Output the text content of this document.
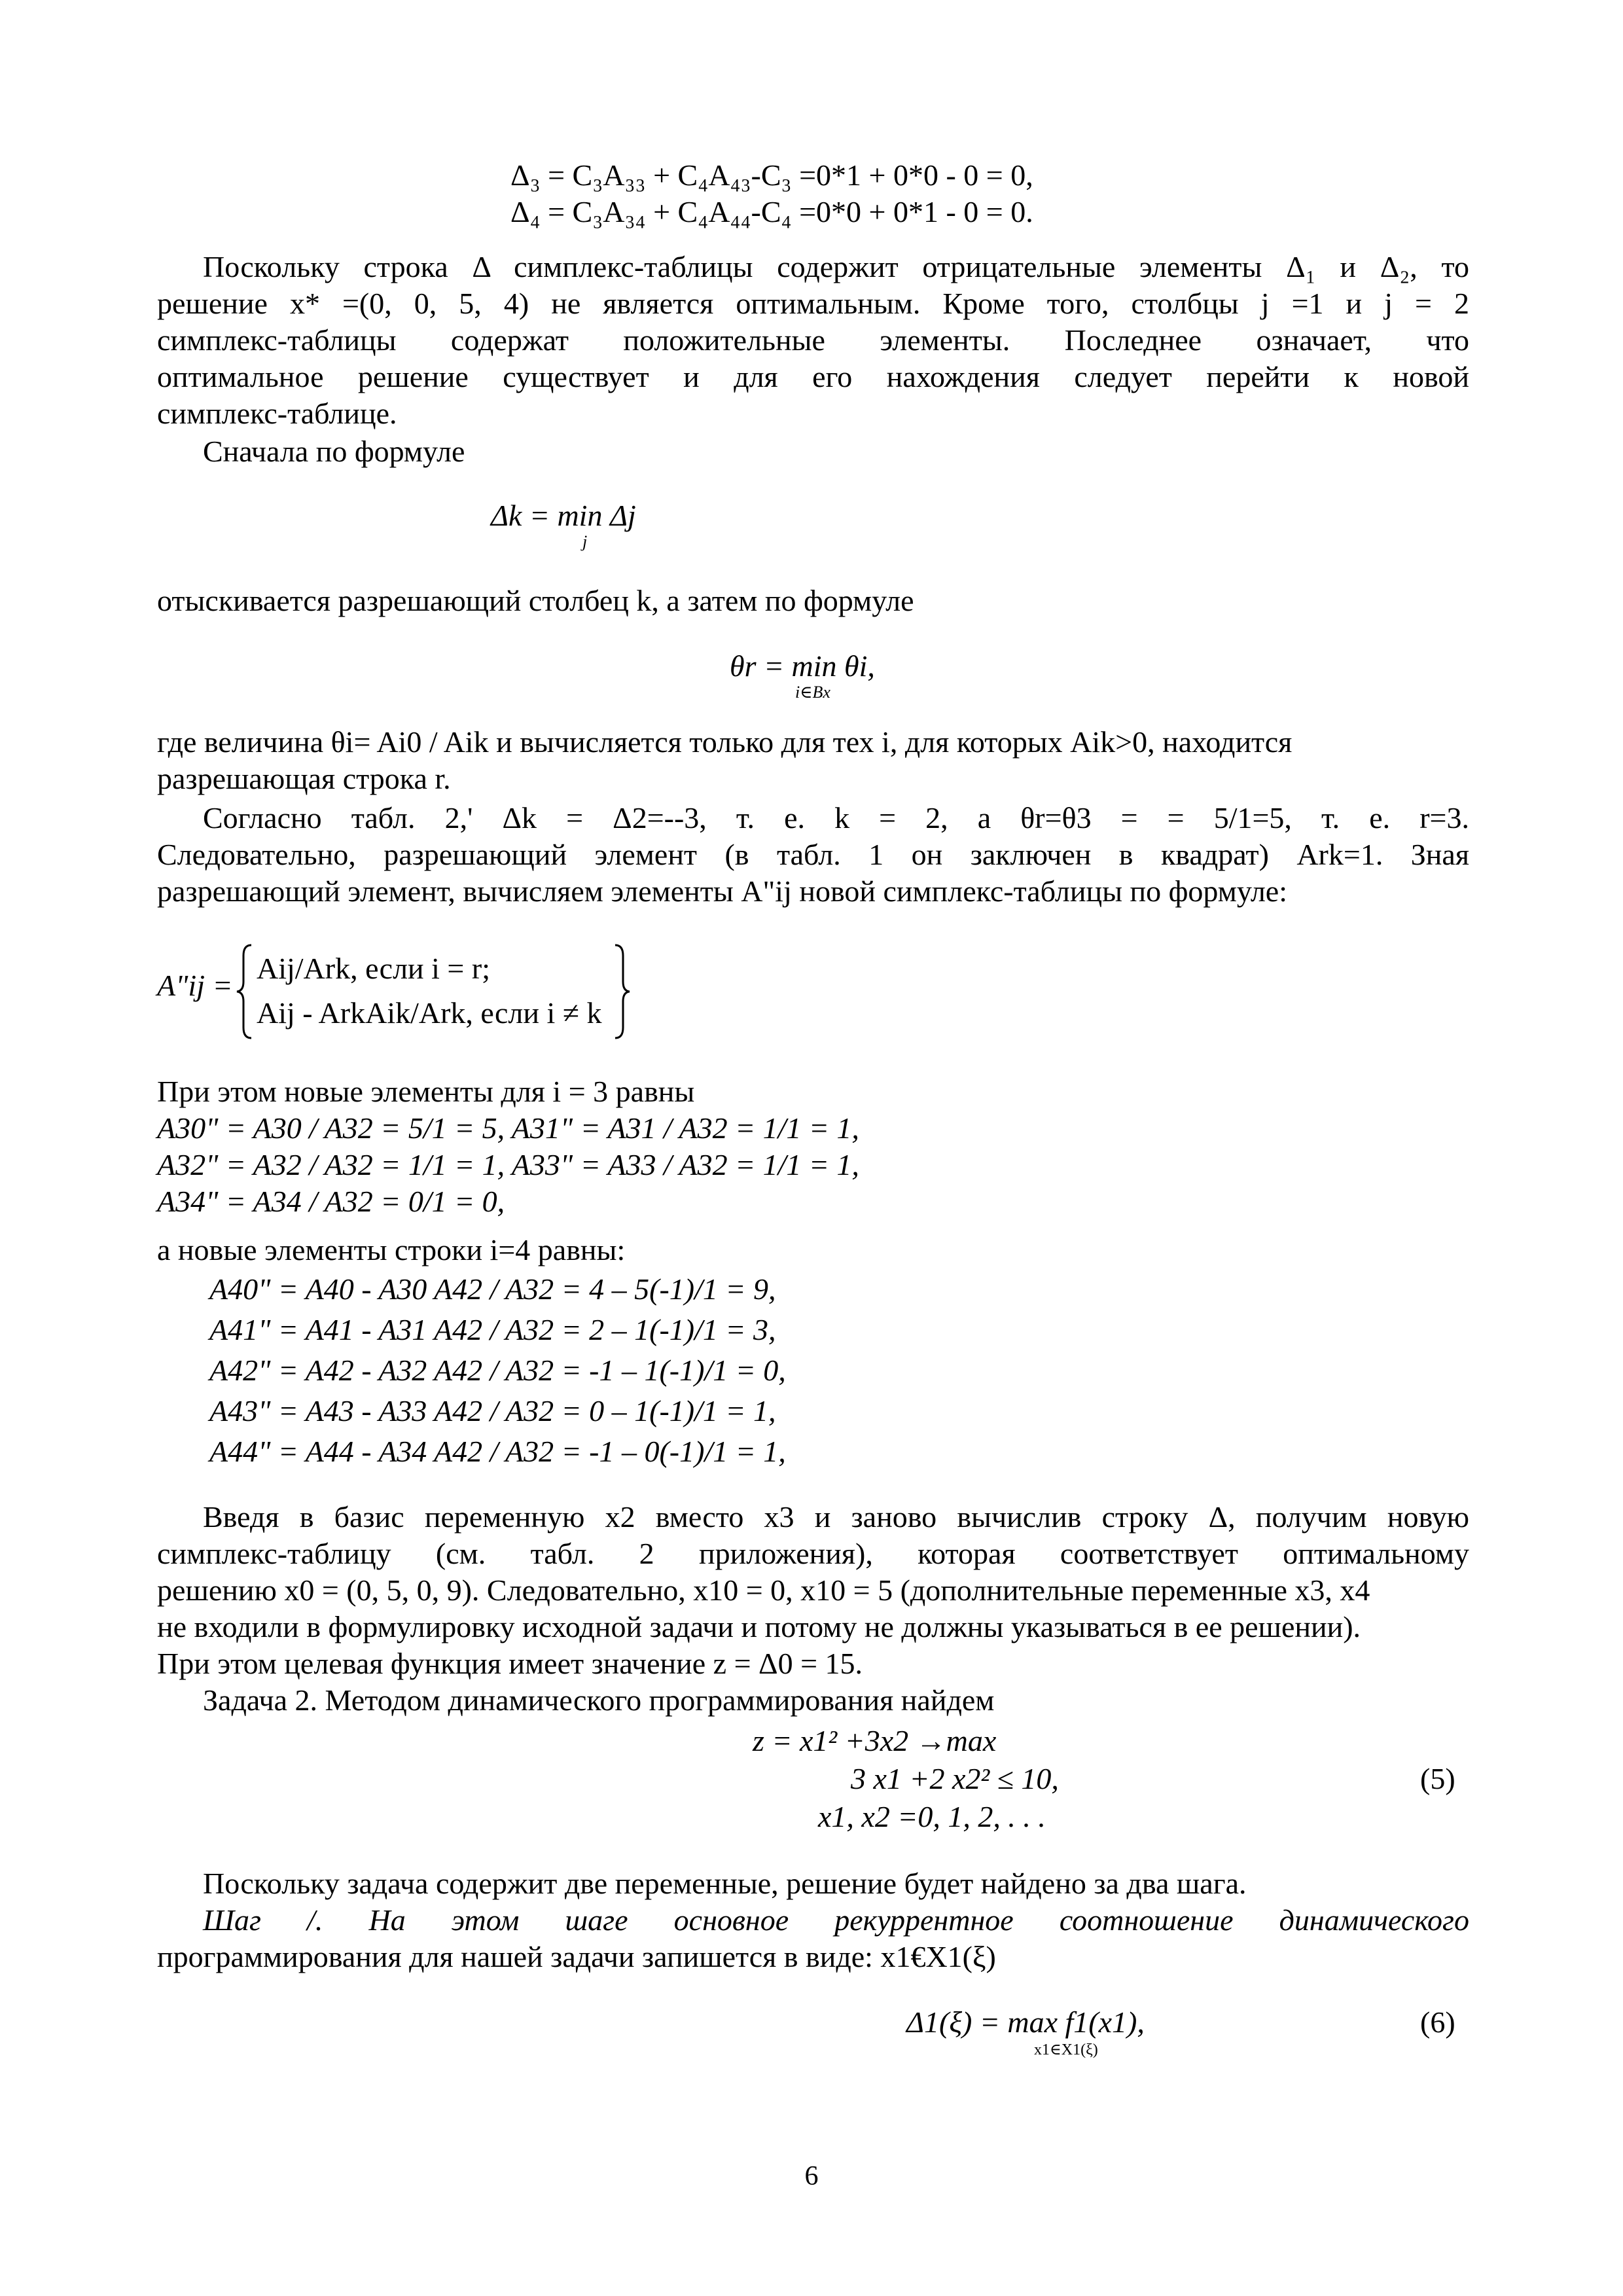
Δ₃ = C₃A₃₃ + C₄A₄₃-C₃ =0*1 + 0*0 - 0 = 0,
Δ₄ = C₃A₃₄ + C₄A₄₄-C₄ =0*0 + 0*1 - 0 = 0.
Поскольку строка Δ симплекс-таблицы содержит отрицательные элементы Δ₁ и Δ₂, то
решение x* =(0, 0, 5, 4) не является оптимальным. Кроме того, столбцы j =1 и j = 2
симплекс-таблицы содержат положительные элементы. Последнее означает, что
оптимальное решение существует и для его нахождения следует перейти к новой
симплекс-таблице.
Сначала по формуле
Δk = min Δj
j
отыскивается разрешающий столбец k, а затем по формуле
θr = min θi,
i∈Bx
где величина θi= Ai0 / Aik и вычисляется только для тех i, для которых Aik>0, находится
разрешающая строка r.
Согласно табл. 2,' Δk = Δ2=--3, т. е. k = 2, а θr=θ3 = = 5/1=5, т. е. r=3.
Следовательно, разрешающий элемент (в табл. 1 он заключен в квадрат) Ark=1. Зная
разрешающий элемент, вычисляем элементы A"ij новой симплекс-таблицы по формуле:
A"ij =
Aij/Ark, если i = r;
Aij - ArkAik/Ark, если i ≠ k
При этом новые элементы для i = 3 равны
A30" = A30 / A32 = 5/1 = 5, A31" = A31 / A32 = 1/1 = 1,
A32" = A32 / A32 = 1/1 = 1, A33" = A33 / A32 = 1/1 = 1,
A34" = A34 / A32 = 0/1 = 0,
а новые элементы строки i=4 равны:
A40" = A40 - A30 A42 / A32 = 4 – 5(-1)/1 = 9,
A41" = A41 - A31 A42 / A32 = 2 – 1(-1)/1 = 3,
A42" = A42 - A32 A42 / A32 = -1 – 1(-1)/1 = 0,
A43" = A43 - A33 A42 / A32 = 0 – 1(-1)/1 = 1,
A44" = A44 - A34 A42 / A32 = -1 – 0(-1)/1 = 1,
Введя в базис переменную x2 вместо x3 и заново вычислив строку Δ, получим новую
симплекс-таблицу (см. табл. 2 приложения), которая соответствует оптимальному
решению x0 = (0, 5, 0, 9). Следовательно, x10 = 0, x10 = 5 (дополнительные переменные x3, x4
не входили в формулировку исходной задачи и потому не должны указываться в ее решении).
При этом целевая функция имеет значение z = Δ0 = 15.
Задача 2. Методом динамического программирования найдем
z = x1² +3x2 →max
3 x1 +2 x2² ≤ 10,
x1, x2 =0, 1, 2, . . .
(5)
Поскольку задача содержит две переменные, решение будет найдено за два шага.
Шаг /. На этом шаге основное рекуррентное соотношение динамического
программирования для нашей задачи запишется в виде: x1€X1(ξ)
Δ1(ξ) = max f1(x1),
x1∈X1(ξ)
(6)
6
